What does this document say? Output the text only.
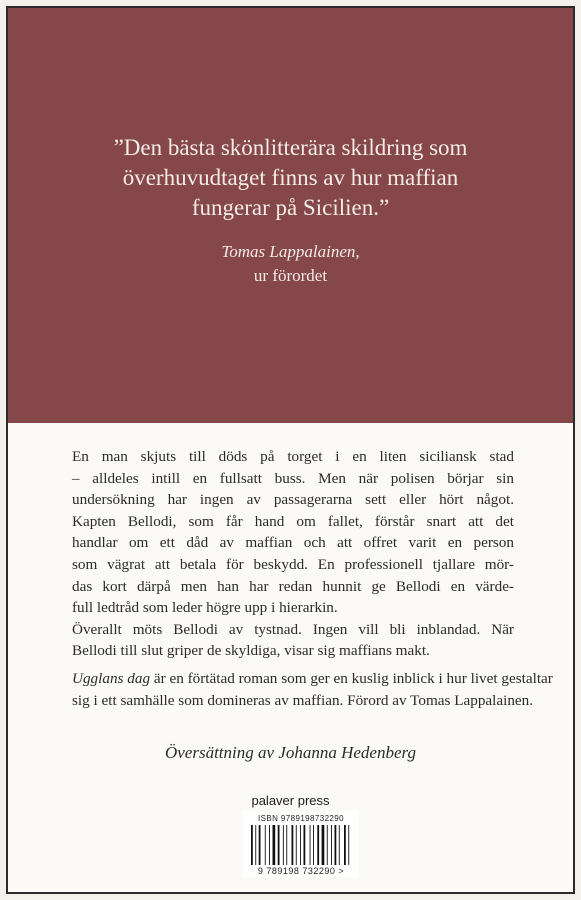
”Den bästa skönlitterära skildring som
överhuvudtaget finns av hur maffian
fungerar på Sicilien.”
Tomas Lappalainen,
ur förordet
En man skjuts till döds på torget i en liten siciliansk stad
– alldeles intill en fullsatt buss. Men när polisen börjar sin
undersökning har ingen av passagerarna sett eller hört något.
Kapten Bellodi, som får hand om fallet, förstår snart att det
handlar om ett dåd av maffian och att offret varit en person
som vägrat att betala för beskydd. En professionell tjallare mör-
das kort därpå men han har redan hunnit ge Bellodi en värde-
full ledtråd som leder högre upp i hierarkin.
Överallt möts Bellodi av tystnad. Ingen vill bli inblandad. När
Bellodi till slut griper de skyldiga, visar sig maffians makt.
Ugglans dag är en förtätad roman som ger en kuslig inblick i hur livet gestaltar
sig i ett samhälle som domineras av maffian. Förord av Tomas Lappalainen.
Översättning av Johanna Hedenberg
palaver press
ISBN 9789198732290
9 789198 732290 >
